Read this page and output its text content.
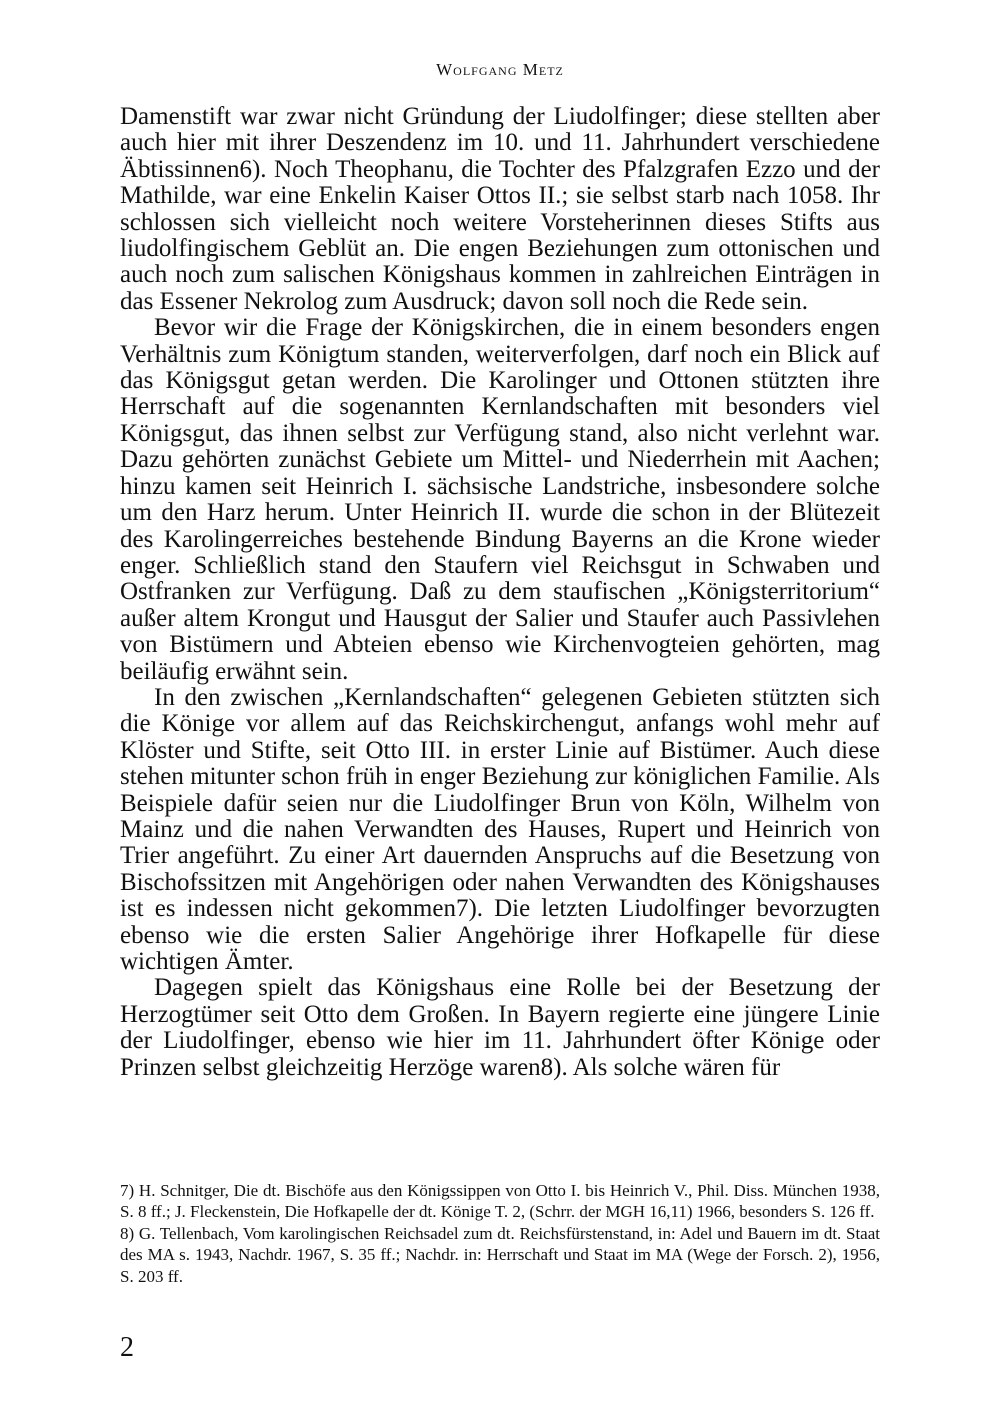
Wolfgang Metz

Damenstift war zwar nicht Gründung der Liudolfinger; diese stellten aber auch hier mit ihrer Deszendenz im 10. und 11. Jahrhundert verschiedene Äbtissinnen6). Noch Theophanu, die Tochter des Pfalzgrafen Ezzo und der Mathilde, war eine Enkelin Kaiser Ottos II.; sie selbst starb nach 1058. Ihr schlossen sich vielleicht noch weitere Vorsteherinnen dieses Stifts aus liudolfingischem Geblüt an. Die engen Beziehungen zum ottonischen und auch noch zum salischen Königshaus kommen in zahlreichen Einträgen in das Essener Nekrolog zum Ausdruck; davon soll noch die Rede sein.

Bevor wir die Frage der Königskirchen, die in einem besonders engen Verhältnis zum Königtum standen, weiterverfolgen, darf noch ein Blick auf das Königsgut getan werden. Die Karolinger und Ottonen stützten ihre Herrschaft auf die sogenannten Kernlandschaften mit besonders viel Königsgut, das ihnen selbst zur Verfügung stand, also nicht verlehnt war. Dazu gehörten zunächst Gebiete um Mittel- und Niederrhein mit Aachen; hinzu kamen seit Heinrich I. sächsische Landstriche, insbesondere solche um den Harz herum. Unter Heinrich II. wurde die schon in der Blütezeit des Karolingerreiches bestehende Bindung Bayerns an die Krone wieder enger. Schließlich stand den Staufern viel Reichsgut in Schwaben und Ostfranken zur Verfügung. Daß zu dem staufischen „Königsterritorium“ außer altem Krongut und Hausgut der Salier und Staufer auch Passivlehen von Bistümern und Abteien ebenso wie Kirchenvogteien gehörten, mag beiläufig erwähnt sein.

In den zwischen „Kernlandschaften“ gelegenen Gebieten stützten sich die Könige vor allem auf das Reichskirchengut, anfangs wohl mehr auf Klöster und Stifte, seit Otto III. in erster Linie auf Bistümer. Auch diese stehen mitunter schon früh in enger Beziehung zur königlichen Familie. Als Beispiele dafür seien nur die Liudolfinger Brun von Köln, Wilhelm von Mainz und die nahen Verwandten des Hauses, Rupert und Heinrich von Trier angeführt. Zu einer Art dauernden Anspruchs auf die Besetzung von Bischofssitzen mit Angehörigen oder nahen Verwandten des Königshauses ist es indessen nicht gekommen7). Die letzten Liudolfinger bevorzugten ebenso wie die ersten Salier Angehörige ihrer Hofkapelle für diese wichtigen Ämter.

Dagegen spielt das Königshaus eine Rolle bei der Besetzung der Herzogtümer seit Otto dem Großen. In Bayern regierte eine jüngere Linie der Liudolfinger, ebenso wie hier im 11. Jahrhundert öfter Könige oder Prinzen selbst gleichzeitig Herzöge waren8). Als solche wären für

7) H. Schnitger, Die dt. Bischöfe aus den Königssippen von Otto I. bis Heinrich V., Phil. Diss. München 1938, S. 8 ff.; J. Fleckenstein, Die Hofkapelle der dt. Könige T. 2, (Schrr. der MGH 16,11) 1966, besonders S. 126 ff.

8) G. Tellenbach, Vom karolingischen Reichsadel zum dt. Reichsfürstenstand, in: Adel und Bauern im dt. Staat des MA s. 1943, Nachdr. 1967, S. 35 ff.; Nachdr. in: Herrschaft und Staat im MA (Wege der Forsch. 2), 1956, S. 203 ff.

2
